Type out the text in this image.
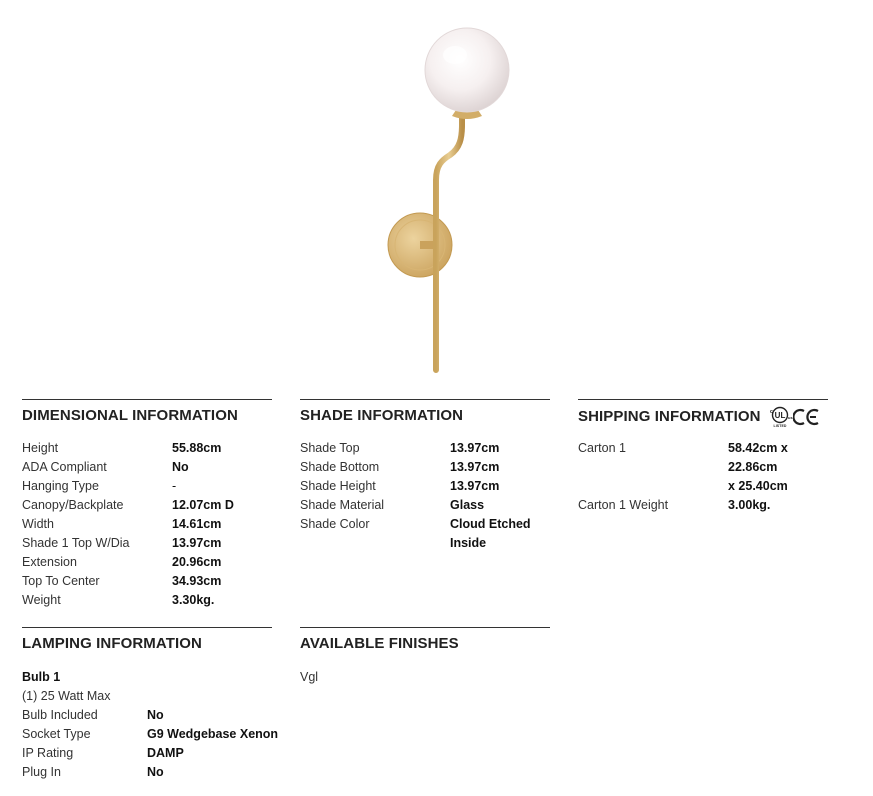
DIMENSIONAL INFORMATION
Height	55.88cm
ADA Compliant	No
Hanging Type	-
Canopy/Backplate	12.07cm D
Width	14.61cm
Shade 1 Top W/Dia	13.97cm
Extension	20.96cm
Top To Center	34.93cm
Weight	3.30kg.
SHADE INFORMATION
Shade Top	13.97cm
Shade Bottom	13.97cm
Shade Height	13.97cm
Shade Material	Glass
Shade Color	Cloud Etched
Inside
SHIPPING INFORMATION UL
c
us
LISTED
Carton 1	58.42cm x 22.86cm
x 25.40cm
Carton 1 Weight	3.00kg.
LAMPING INFORMATION
Bulb 1
(1) 25 Watt Max
Bulb Included	No
Socket Type	G9 Wedgebase Xenon
IP Rating	DAMP
Plug In	No
AVAILABLE FINISHES
Vgl
